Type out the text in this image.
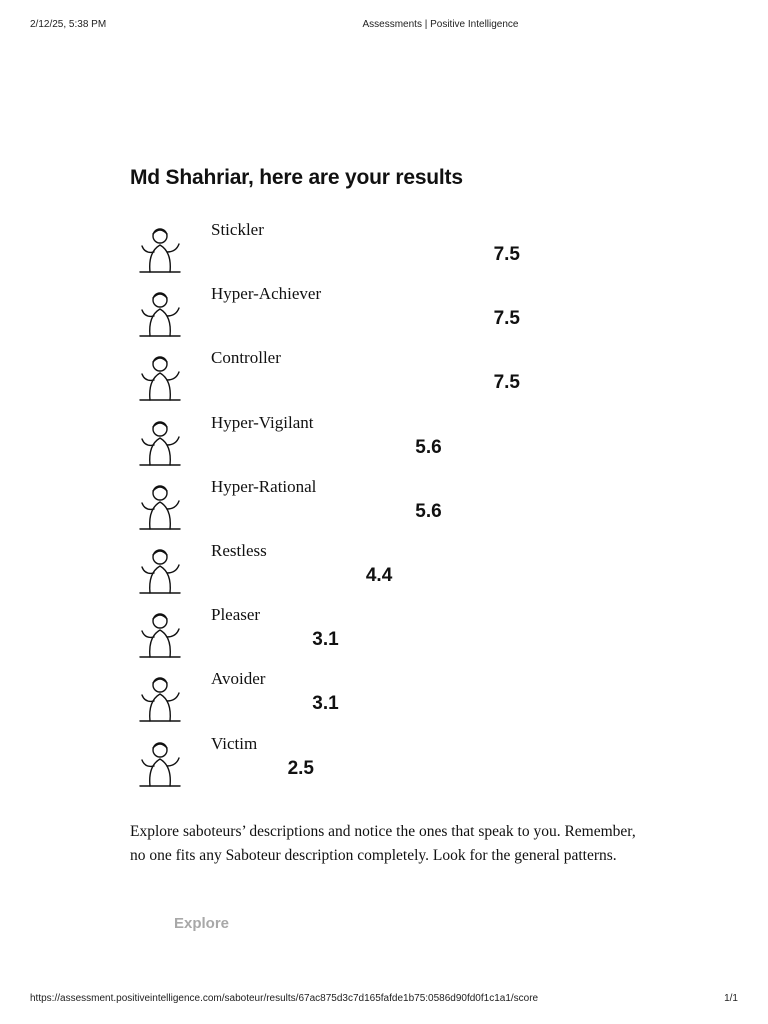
2/12/25, 5:38 PM	Assessments | Positive Intelligence
Md Shahriar, here are your results
Stickler
7.5
Hyper-Achiever
7.5
Controller
7.5
Hyper-Vigilant
5.6
Hyper-Rational
5.6
Restless
4.4
Pleaser
3.1
Avoider
3.1
Victim
2.5
Explore saboteurs’ descriptions and notice the ones that speak to you. Remember, no one fits any Saboteur description completely. Look for the general patterns.
Explore
https://assessment.positiveintelligence.com/saboteur/results/67ac875d3c7d165fafde1b75:0586d90fd0f1c1a1/score	1/1
